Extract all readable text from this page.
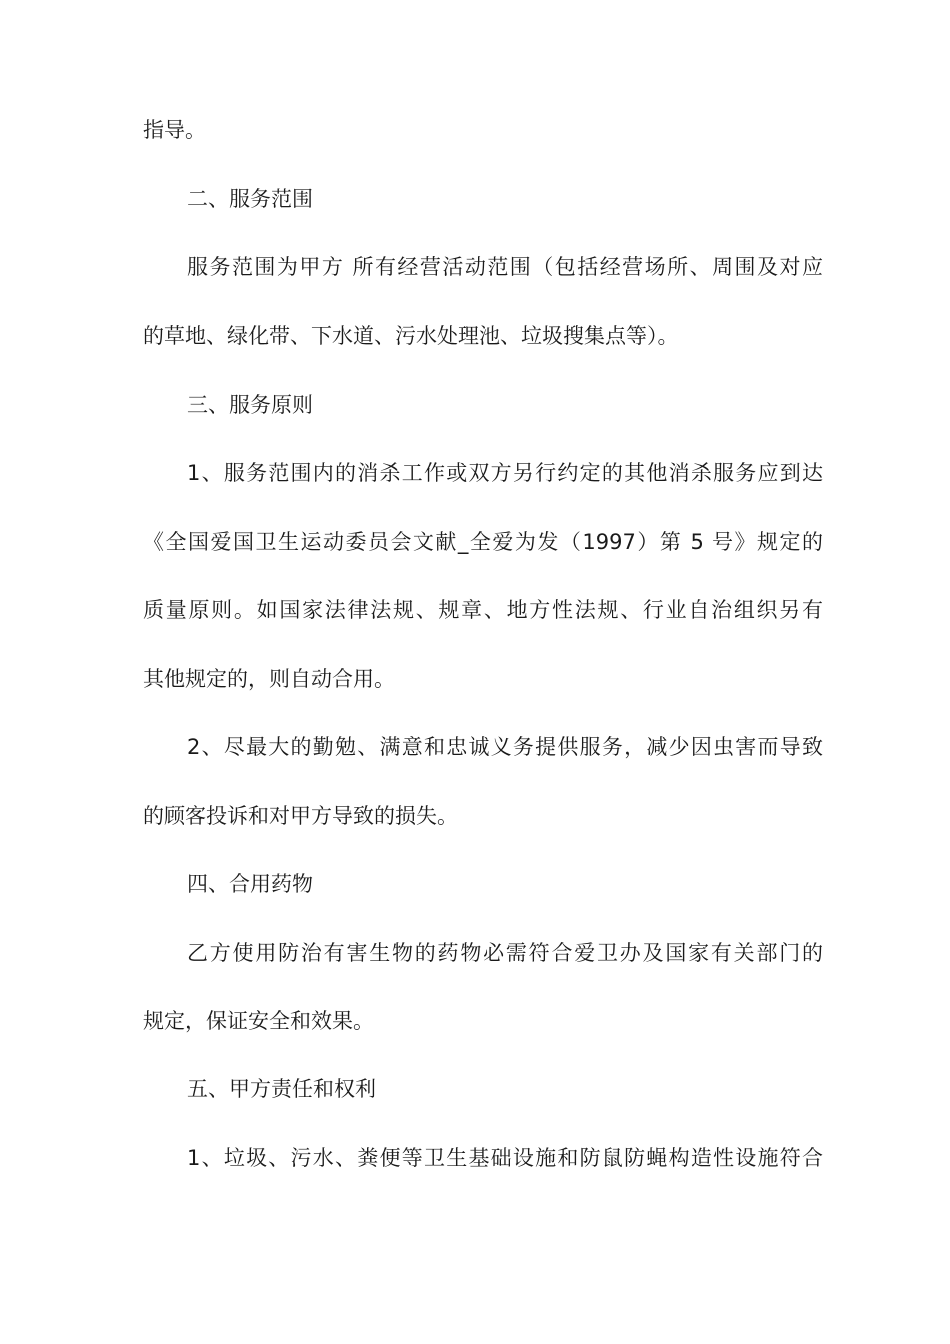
指导。
二、服务范围
服务范围为甲方 所有经营活动范围（包括经营场所、周围及对应
的草地、绿化带、下水道、污水处理池、垃圾搜集点等）。
三、服务原则
1、服务范围内的消杀工作或双方另行约定的其他消杀服务应到达
《全国爱国卫生运动委员会文献_全爱为发（1997）第 5 号》规定的
质量原则。如国家法律法规、规章、地方性法规、行业自治组织另有
其他规定的，则自动合用。
2、尽最大的勤勉、满意和忠诚义务提供服务，减少因虫害而导致
的顾客投诉和对甲方导致的损失。
四、合用药物
乙方使用防治有害生物的药物必需符合爱卫办及国家有关部门的
规定，保证安全和效果。
五、甲方责任和权利
1、垃圾、污水、粪便等卫生基础设施和防鼠防蝇构造性设施符合
